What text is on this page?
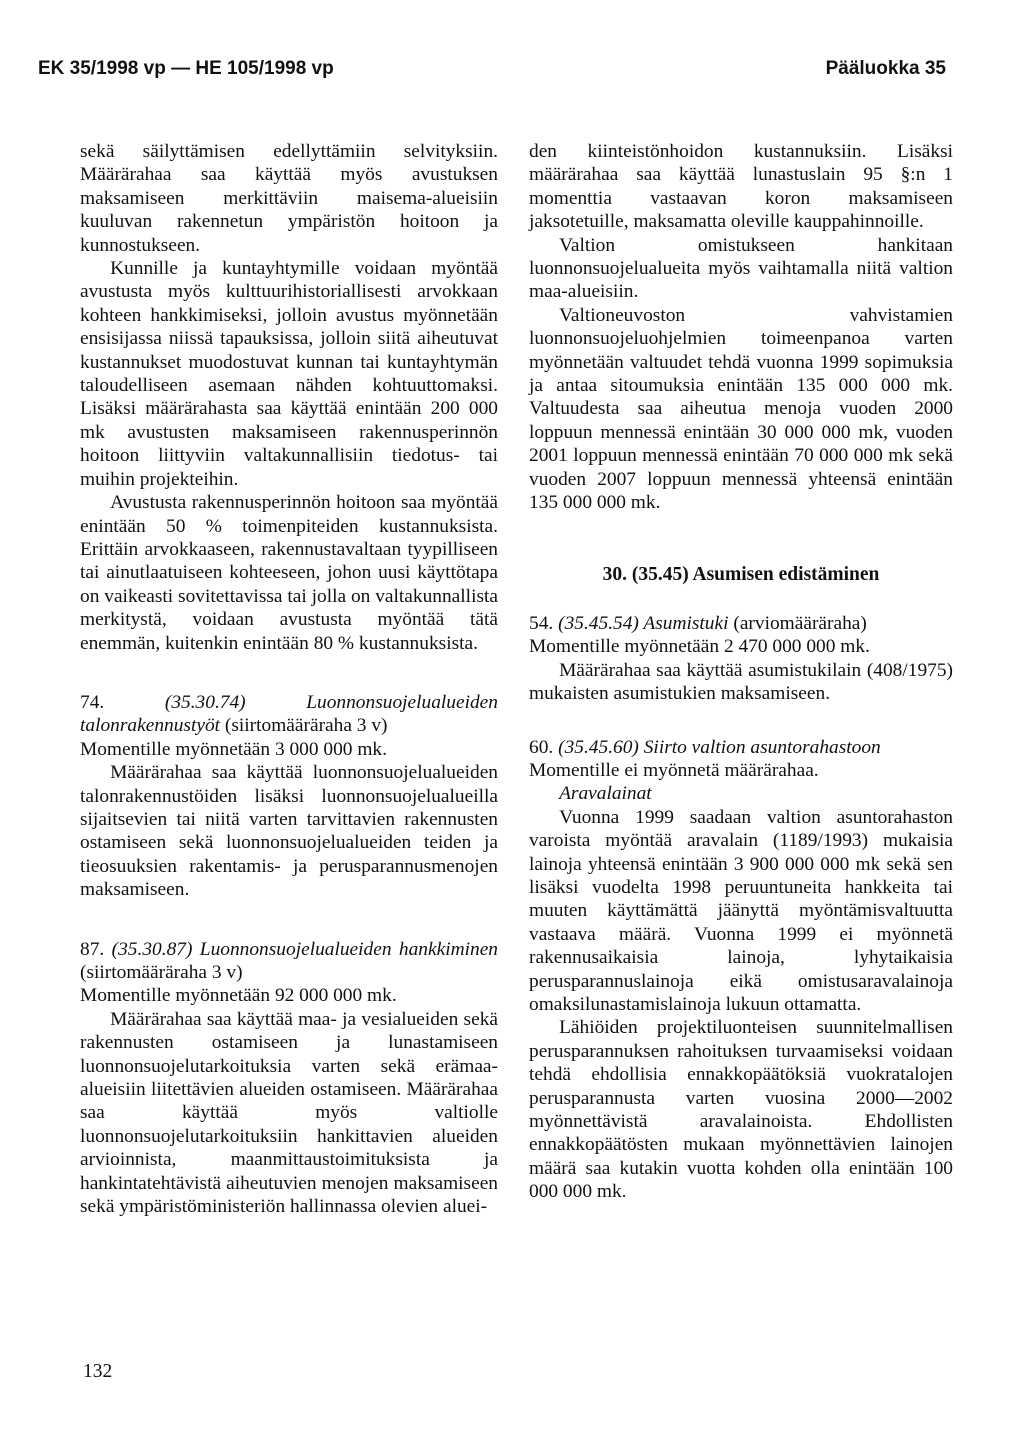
EK 35/1998 vp — HE 105/1998 vp	Pääluokka 35

sekä säilyttämisen edellyttämiin selvityksiin. Määrärahaa saa käyttää myös avustuksen maksamiseen merkittäviin maisema-alueisiin kuuluvan rakennetun ympäristön hoitoon ja kunnostukseen.

Kunnille ja kuntayhtymille voidaan myöntää avustusta myös kulttuurihistoriallisesti arvokkaan kohteen hankkimiseksi, jolloin avustus myönnetään ensisijassa niissä tapauksissa, jolloin siitä aiheutuvat kustannukset muodostuvat kunnan tai kuntayhtymän taloudelliseen asemaan nähden kohtuuttomaksi. Lisäksi määrärahasta saa käyttää enintään 200 000 mk avustusten maksamiseen rakennusperinnön hoitoon liittyviin valtakunnallisiin tiedotus- tai muihin projekteihin.

Avustusta rakennusperinnön hoitoon saa myöntää enintään 50 % toimenpiteiden kustannuksista. Erittäin arvokkaaseen, rakennustavaltaan tyypilliseen tai ainutlaatuiseen kohteeseen, johon uusi käyttötapa on vaikeasti sovitettavissa tai jolla on valtakunnallista merkitystä, voidaan avustusta myöntää tätä enemmän, kuitenkin enintään 80 % kustannuksista.

74.	(35.30.74) Luonnonsuojelualueiden talonrakennustyöt (siirtomääräraha 3 v)

Momentille myönnetään 3 000 000 mk.

Määrärahaa saa käyttää luonnonsuojelualueiden talonrakennustöiden lisäksi luonnonsuojelualueilla sijaitsevien tai niitä varten tarvittavien rakennusten ostamiseen sekä luonnonsuojelualueiden teiden ja tieosuuksien rakentamis- ja perusparannusmenojen maksamiseen.

87. (35.30.87) Luonnonsuojelualueiden hankkiminen (siirtomääräraha 3 v)

Momentille myönnetään 92 000 000 mk.

Määrärahaa saa käyttää maa- ja vesialueiden sekä rakennusten ostamiseen ja lunastamiseen luonnonsuojelutarkoituksia varten sekä erämaa-alueisiin liitettävien alueiden ostamiseen. Määrärahaa saa käyttää myös valtiolle luonnonsuojelutarkoituksiin hankittavien alueiden arvioinnista, maanmittaustoimituksista ja hankintatehtävistä aiheutuvien menojen maksamiseen sekä ympäristöministeriön hallinnassa olevien aluei-

den kiinteistönhoidon kustannuksiin. Lisäksi määrärahaa saa käyttää lunastuslain 95 §:n 1 momenttia vastaavan koron maksamiseen jaksotetuille, maksamatta oleville kauppahinnoille.

Valtion omistukseen hankitaan luonnonsuojelualueita myös vaihtamalla niitä valtion maa-alueisiin.

Valtioneuvoston vahvistamien luonnonsuojeluohjelmien toimeenpanoa varten myönnetään valtuudet tehdä vuonna 1999 sopimuksia ja antaa sitoumuksia enintään 135 000 000 mk. Valtuudesta saa aiheutua menoja vuoden 2000 loppuun mennessä enintään 30 000 000 mk, vuoden 2001 loppuun mennessä enintään 70 000 000 mk sekä vuoden 2007 loppuun mennessä yhteensä enintään 135 000 000 mk.

30. (35.45) Asumisen edistäminen

54. (35.45.54) Asumistuki (arviomääräraha)

Momentille myönnetään 2 470 000 000 mk.

Määrärahaa saa käyttää asumistukilain (408/1975) mukaisten asumistukien maksamiseen.

60. (35.45.60) Siirto valtion asuntorahastoon

Momentille ei myönnetä määrärahaa.

Aravalainat

Vuonna 1999 saadaan valtion asuntorahaston varoista myöntää aravalain (1189/1993) mukaisia lainoja yhteensä enintään 3 900 000 000 mk sekä sen lisäksi vuodelta 1998 peruuntuneita hankkeita tai muuten käyttämättä jäänyttä myöntämisvaltuutta vastaava määrä. Vuonna 1999 ei myönnetä rakennusaikaisia lainoja, lyhytaikaisia perusparannuslainoja eikä omistusaravalainoja omaksilunastamislainoja lukuun ottamatta.

Lähiöiden projektiluonteisen suunnitelmallisen perusparannuksen rahoituksen turvaamiseksi voidaan tehdä ehdollisia ennakkopäätöksiä vuokratalojen perusparannusta varten vuosina 2000—2002 myönnettävistä aravalainoista. Ehdollisten ennakkopäätösten mukaan myönnettävien lainojen määrä saa kutakin vuotta kohden olla enintään 100 000 000 mk.

132
